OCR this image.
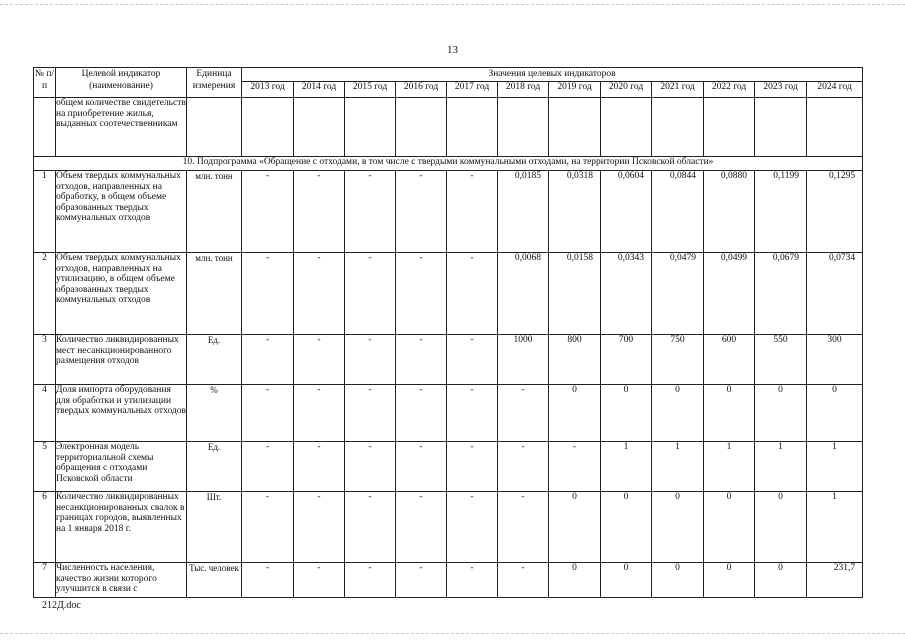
13
№ п/п	Целевой индикатор (наименование)	Единица измерения	Значения целевых индикаторов											
			2013 год	2014 год	2015 год	2016 год	2017 год	2018 год	2019 год	2020 год	2021 год	2022 год	2023 год	2024 год
	общем количестве свидетельств на приобретение жилья, выданных соотечественникам													
10. Подпрограмма «Обращение с отходами, в том числе с твердыми коммунальными отходами, на территории Псковской области»														
1	Объем твердых коммунальных отходов, направленных на обработку, в общем объеме образованных твердых коммунальных отходов	млн. тонн	-	-	-	-	-	0,0185	0,0318	0,0604	0,0844	0,0880	0,1199	0,1295
2	Объем твердых коммунальных отходов, направленных на утилизацию, в общем объеме образованных твердых коммунальных отходов	млн. тонн	-	-	-	-	-	0,0068	0,0158	0,0343	0,0479	0,0499	0,0679	0,0734
3	Количество ликвидированных мест несанкционированного размещения отходов	Ед.	-	-	-	-	-	1000	800	700	750	600	550	300
4	Доля импорта оборудования для обработки и утилизации твердых коммунальных отходов	%	-	-	-	-	-	-	0	0	0	0	0	0
5	Электронная модель территориальной схемы обращения с отходами Псковской области	Ед.	-	-	-	-	-	-	-	1	1	1	1	1
6	Количество ликвидированных несанкционированных свалок в границах городов, выявленных на 1 января 2018 г.	Шт.	-	-	-	-	-	-	0	0	0	0	0	1
7	Численность населения, качество жизни которого улучшится в связи с	Тыс. человек	-	-	-	-	-	-	0	0	0	0	0	231,7
212Д.doc
